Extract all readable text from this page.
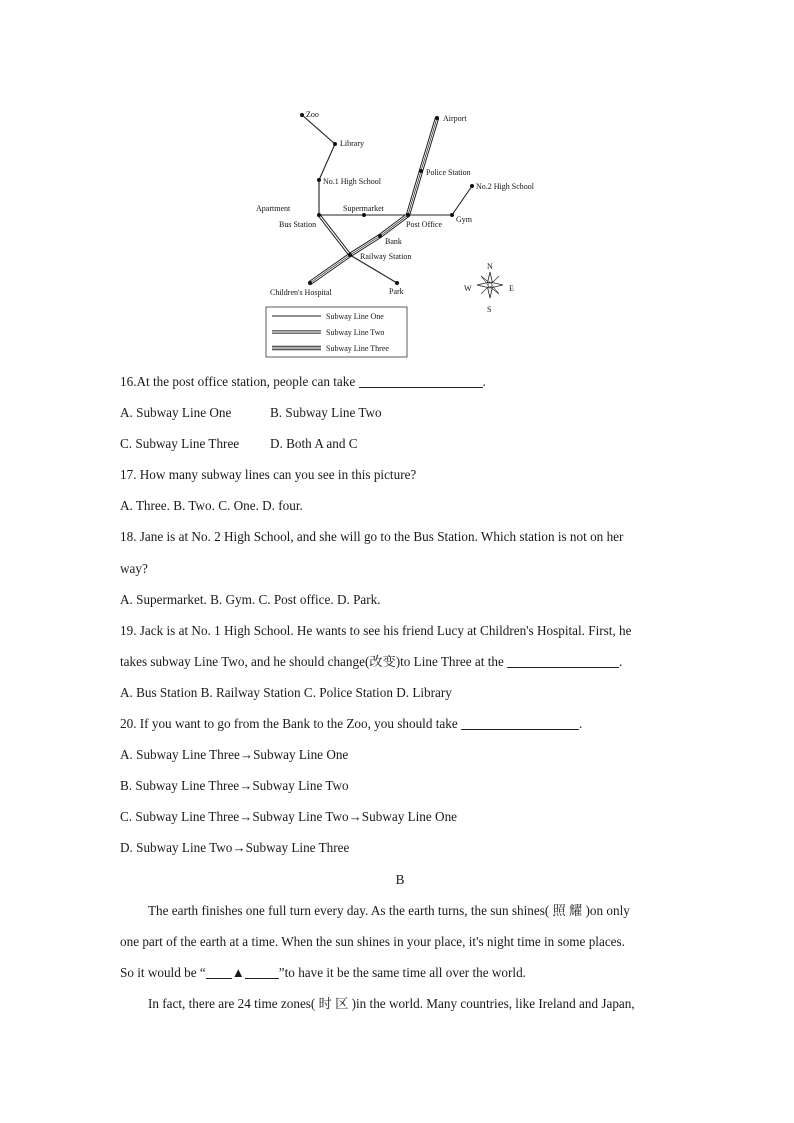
Zoo
Library
No.1 High School
Apartment
Bus Station
Supermarket
Post Office
Gym
No.2 High School
Airport
Police Station
Bank
Railway Station
Children's Hospital	Park
N
S
E
W
Subway Line One
Subway Line Two
Subway Line Three
16.At the post office station, people can take	.
A. Subway Line One	B. Subway Line Two
C. Subway Line Three	D. Both A and C
17. How many subway lines can you see in this picture?
A. Three. B. Two. C. One. D. four.
18. Jane is at No. 2 High School, and she will go to the Bus Station. Which station is not on her
way?
A. Supermarket. B. Gym. C. Post office. D. Park.
19. Jack is at No. 1 High School. He wants to see his friend Lucy at Children's Hospital. First, he
takes subway Line Two, and he should change(改变)to Line Three at the	.
A. Bus Station B. Railway Station C. Police Station D. Library
20. If you want to go from the Bank to the Zoo, you should take	.
A. Subway Line Three→Subway Line One
B. Subway Line Three→Subway Line Two
C. Subway Line Three→Subway Line Two→Subway Line One
D. Subway Line Two→Subway Line Three
B
The earth finishes one full turn every day. As the earth turns, the sun shines( 照 耀 )on only
one part of the earth at a time. When the sun shines in your place, it's night time in some places.
So it would be “ ▲	”to have it be the same time all over the world.
In fact, there are 24 time zones( 时 区 )in the world. Many countries, like Ireland and Japan,
